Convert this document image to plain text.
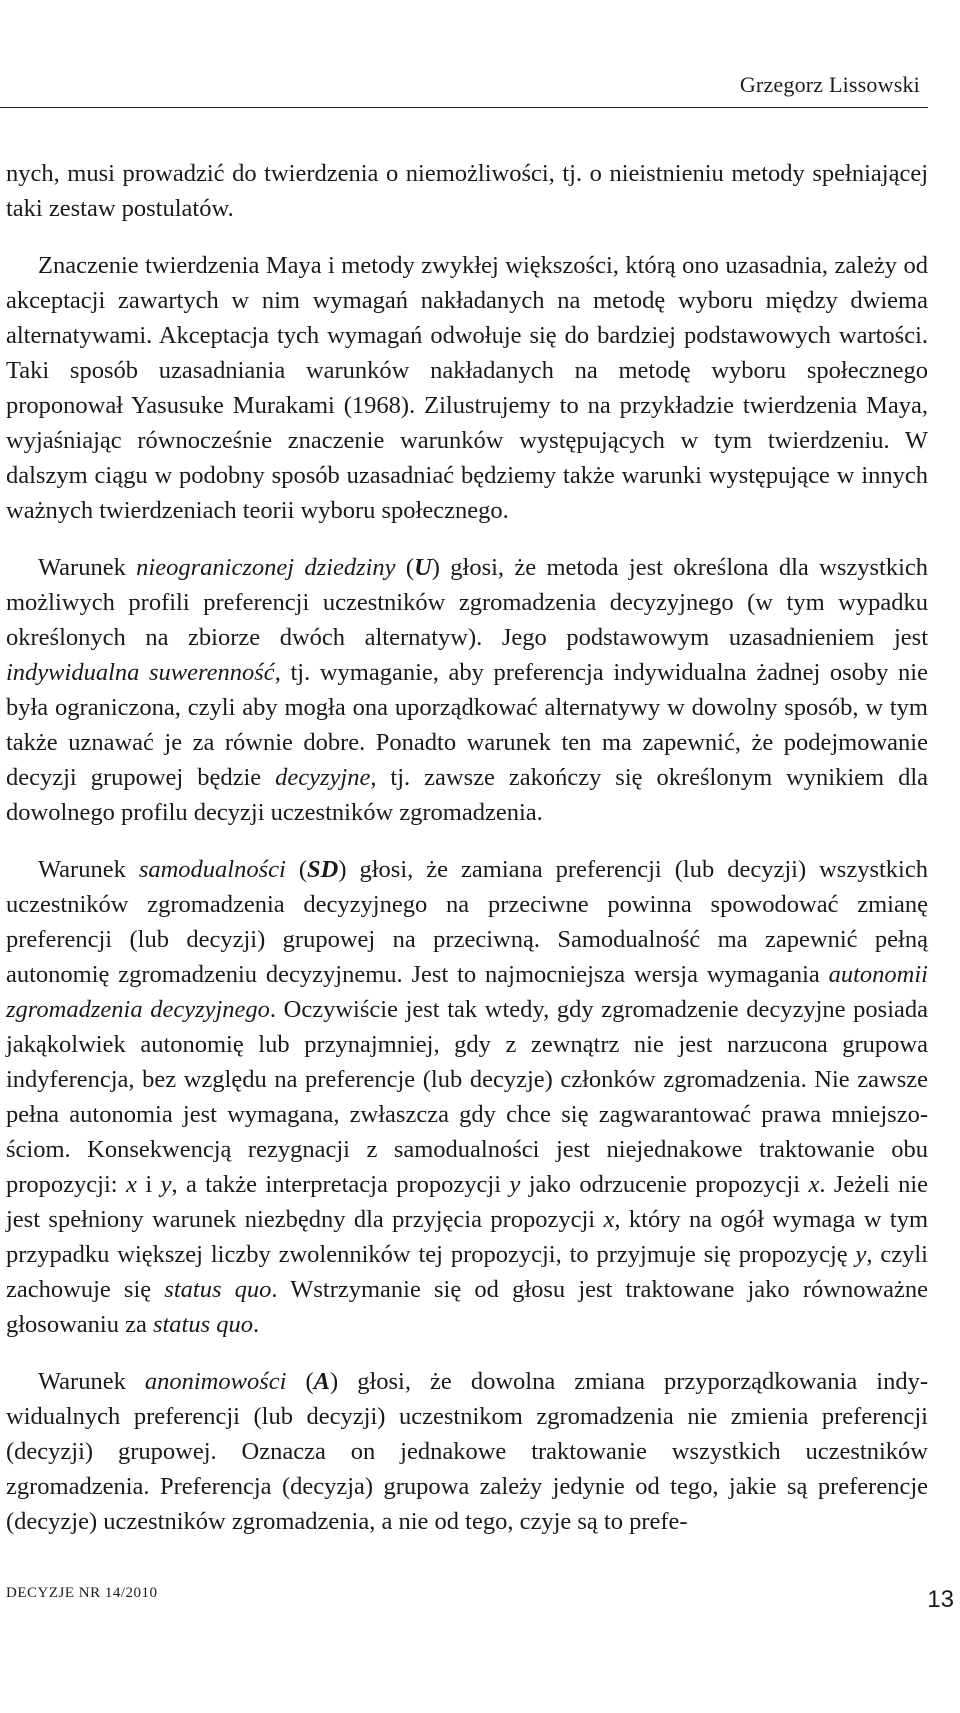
Grzegorz Lissowski

nych, musi prowadzić do twierdzenia o niemożliwości, tj. o nieistnieniu metody spełniającej taki zestaw postulatów.

Znaczenie twierdzenia Maya i metody zwykłej większości, którą ono uzasadnia, zależy od akceptacji zawartych w nim wymagań nakładanych na metodę wyboru między dwiema alternatywami. Akceptacja tych wymagań odwołuje się do bardziej podstawowych wartości. Taki sposób uzasadniania warunków nakładanych na metodę wyboru społecznego proponował Yasusuke Murakami (1968). Zilustrujemy to na przykładzie twierdzenia Maya, wyjaśniając równocześnie znaczenie warunków występujących w tym twierdzeniu. W dalszym ciągu w podobny sposób uzasadniać będziemy także warunki występujące w innych ważnych twierdzeniach teorii wyboru społecznego.

Warunek nieograniczonej dziedziny (U) głosi, że metoda jest określona dla wszystkich możliwych profili preferencji uczestników zgromadzenia decyzyjnego (w tym wypadku określonych na zbiorze dwóch alternatyw). Jego podstawowym uzasadnieniem jest indywidualna suwerenność, tj. wymaganie, aby preferencja indywidualna żadnej osoby nie była ograniczona, czyli aby mogła ona uporządkować alternatywy w dowolny sposób, w tym także uznawać je za równie dobre. Ponadto warunek ten ma zapewnić, że podejmowanie decyzji grupowej będzie decyzyjne, tj. zawsze zakończy się określonym wynikiem dla dowolnego profilu decyzji uczestników zgromadzenia.

Warunek samodualności (SD) głosi, że zamiana preferencji (lub decyzji) wszystkich uczestników zgromadzenia decyzyjnego na przeciwne powinna spowodować zmianę preferencji (lub decyzji) grupowej na przeciwną. Samodualność ma zapewnić pełną autonomię zgromadzeniu decyzyjnemu. Jest to najmocniejsza wersja wymagania autonomii zgromadzenia decyzyjnego. Oczywiście jest tak wtedy, gdy zgromadzenie decyzyjne posiada jakąkolwiek autonomię lub przynajmniej, gdy z zewnątrz nie jest narzucona grupowa indyferencja, bez względu na preferencje (lub decyzje) członków zgromadzenia. Nie zawsze pełna autonomia jest wymagana, zwłaszcza gdy chce się zagwarantować prawa mniejszościom. Konsekwencją rezygnacji z samodualności jest niejednakowe traktowanie obu propozycji: x i y, a także interpretacja propozycji y jako odrzucenie propozycji x. Jeżeli nie jest spełniony warunek niezbędny dla przyjęcia propozycji x, który na ogół wymaga w tym przypadku większej liczby zwolenników tej propozycji, to przyjmuje się propozycję y, czyli zachowuje się status quo. Wstrzymanie się od głosu jest traktowane jako równoważne głosowaniu za status quo.

Warunek anonimowości (A) głosi, że dowolna zmiana przyporządkowania indywidualnych preferencji (lub decyzji) uczestnikom zgromadzenia nie zmienia preferencji (decyzji) grupowej. Oznacza on jednakowe traktowanie wszystkich uczestników zgromadzenia. Preferencja (decyzja) grupowa zależy jedynie od tego, jakie są preferencje (decyzje) uczestników zgromadzenia, a nie od tego, czyje są to prefe-

DECYZJE NR 14/2010	13
